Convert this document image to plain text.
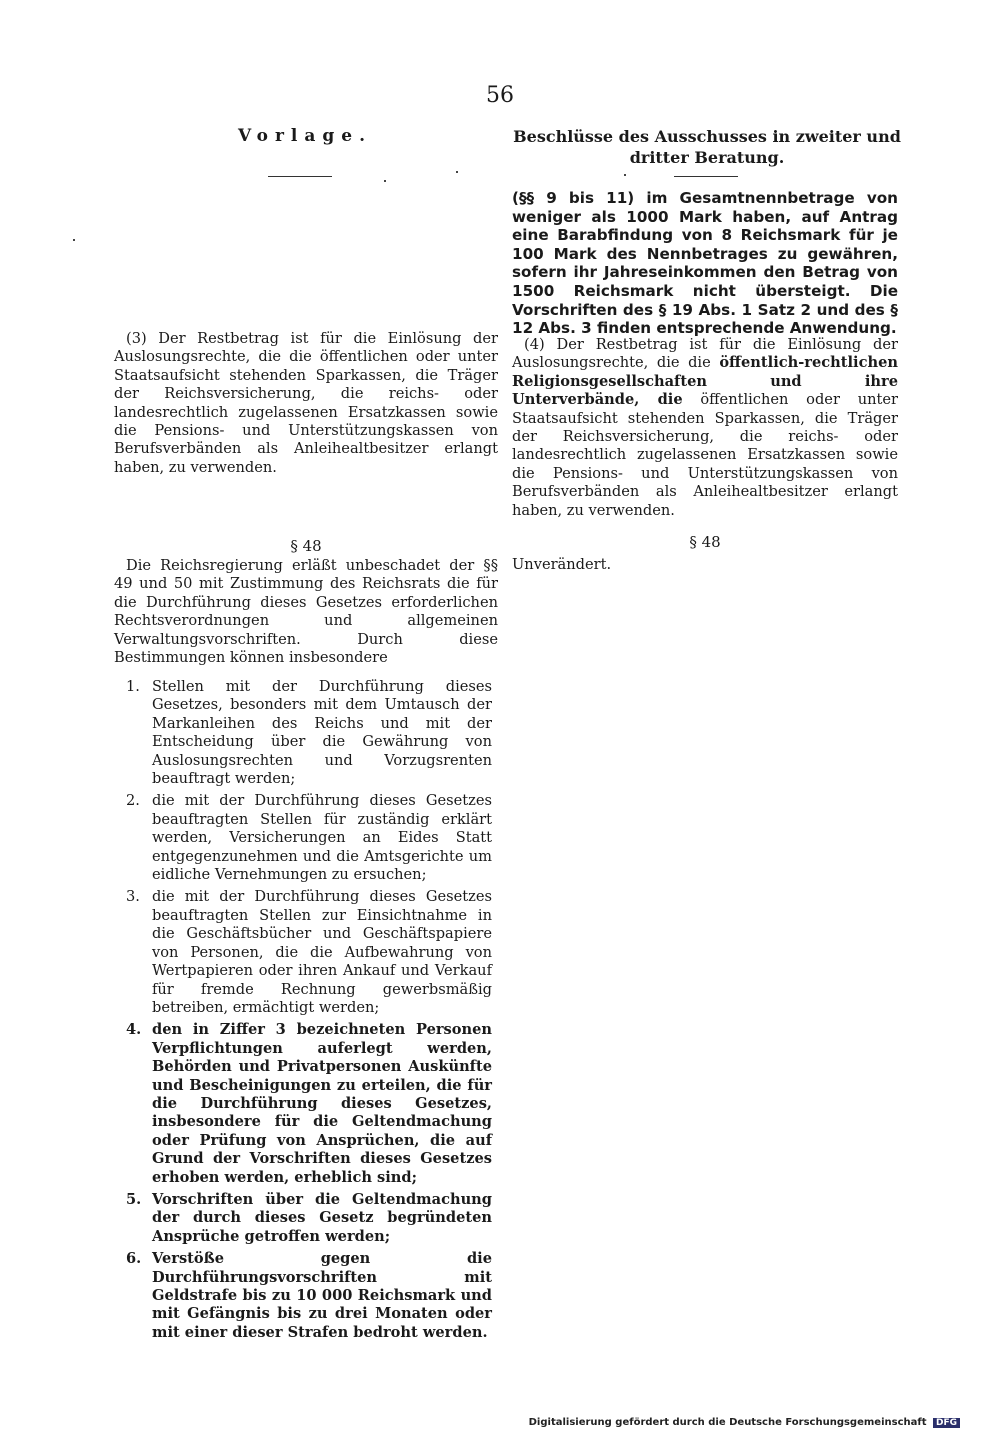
56
Vorlage.	Beschlüsse des Ausschusses in zweiter und dritter Beratung.
(§§ 9 bis 11) im Gesamtnennbetrage von weniger als 1000 Mark haben, auf Antrag eine Barabfindung von 8 Reichsmark für je 100 Mark des Nennbetrages zu gewähren, sofern ihr Jahreseinkommen den Betrag von 1500 Reichsmark nicht übersteigt. Die Vorschriften des § 19 Abs. 1 Satz 2 und des § 12 Abs. 3 finden entsprechende Anwendung.
(3) Der Restbetrag ist für die Einlösung der Auslosungsrechte, die die öffentlichen oder unter Staatsaufsicht stehenden Sparkassen, die Träger der Reichsversicherung, die reichs- oder landesrechtlich zugelassenen Ersatzkassen sowie die Pensions- und Unterstützungskassen von Berufsverbänden als Anleihealtbesitzer erlangt haben, zu verwenden.
(4) Der Restbetrag ist für die Einlösung der Auslosungsrechte, die die öffentlich-rechtlichen Religionsgesellschaften und ihre Unterverbände, die öffentlichen oder unter Staatsaufsicht stehenden Sparkassen, die Träger der Reichsversicherung, die reichs- oder landesrechtlich zugelassenen Ersatzkassen sowie die Pensions- und Unterstützungskassen von Berufsverbänden als Anleihealtbesitzer erlangt haben, zu verwenden.
§ 48	§ 48
Die Reichsregierung erläßt unbeschadet der §§ 49 und 50 mit Zustimmung des Reichsrats die für die Durchführung dieses Gesetzes erforderlichen Rechtsverordnungen und allgemeinen Verwaltungsvorschriften. Durch diese Bestimmungen können insbesondere
Unverändert.
1. Stellen mit der Durchführung dieses Gesetzes, besonders mit dem Umtausch der Markanleihen des Reichs und mit der Entscheidung über die Gewährung von Auslosungsrechten und Vorzugsrenten beauftragt werden;
2. die mit der Durchführung dieses Gesetzes beauftragten Stellen für zuständig erklärt werden, Versicherungen an Eides Statt entgegenzunehmen und die Amtsgerichte um eidliche Vernehmungen zu ersuchen;
3. die mit der Durchführung dieses Gesetzes beauftragten Stellen zur Einsichtnahme in die Geschäftsbücher und Geschäftspapiere von Personen, die die Aufbewahrung von Wertpapieren oder ihren Ankauf und Verkauf für fremde Rechnung gewerbsmäßig betreiben, ermächtigt werden;
4. den in Ziffer 3 bezeichneten Personen Verpflichtungen auferlegt werden, Behörden und Privatpersonen Auskünfte und Bescheinigungen zu erteilen, die für die Durchführung dieses Gesetzes, insbesondere für die Geltendmachung oder Prüfung von Ansprüchen, die auf Grund der Vorschriften dieses Gesetzes erhoben werden, erheblich sind;
5. Vorschriften über die Geltendmachung der durch dieses Gesetz begründeten Ansprüche getroffen werden;
6. Verstöße gegen die Durchführungsvorschriften mit Geldstrafe bis zu 10 000 Reichsmark und mit Gefängnis bis zu drei Monaten oder mit einer dieser Strafen bedroht werden.
Digitalisierung gefördert durch die Deutsche Forschungsgemeinschaft DFG
